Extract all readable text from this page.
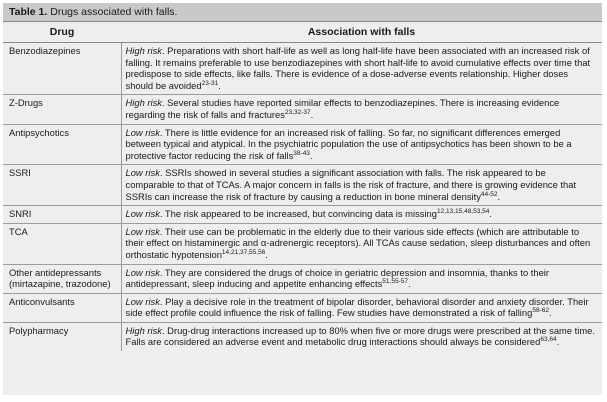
Table 1. Drugs associated with falls.
Drug	Association with falls
Benzodiazepines	High risk. Preparations with short half-life as well as long half-life have been associated with an increased risk of falling. It remains preferable to use benzodiazepines with short half-life to avoid cumulative effects over time that predispose to side effects, like falls. There is evidence of a dose-adverse events relationship. Higher doses should be avoided$^{23-31}$.
Z-Drugs	High risk. Several studies have reported similar effects to benzodiazepines. There is increasing evidence regarding the risk of falls and fractures$^{23,32-37}$.
Antipsychotics	Low risk. There is little evidence for an increased risk of falling. So far, no significant differences emerged between typical and atypical. In the psychiatric population the use of antipsychotics has been shown to be a protective factor reducing the risk of falls$^{38-43}$.
SSRI	Low risk. SSRIs showed in several studies a significant association with falls. The risk appeared to be comparable to that of TCAs. A major concern in falls is the risk of fracture, and there is growing evidence that SSRIs can increase the risk of fracture by causing a reduction in bone mineral density$^{44-52}$.
SNRI	Low risk. The risk appeared to be increased, but convincing data is missing$^{12,13,15,48,53,54}$.
TCA	Low risk. Their use can be problematic in the elderly due to their various side effects (which are attributable to their effect on histaminergic and α-adrenergic receptors). All TCAs cause sedation, sleep disturbances and often orthostatic hypotension$^{14,21,37,55,56}$.
Other antidepressants (mirtazapine, trazodone)	Low risk. They are considered the drugs of choice in geriatric depression and insomnia, thanks to their antidepressant, sleep inducing and appetite enhancing effects$^{51,55-57}$.
Anticonvulsants	Low risk. Play a decisive role in the treatment of bipolar disorder, behavioral disorder and anxiety disorder. Their side effect profile could influence the risk of falling. Few studies have demonstrated a risk of falling$^{58-62}$.
Polypharmacy	High risk. Drug-drug interactions increased up to 80% when five or more drugs were prescribed at the same time. Falls are considered an adverse event and metabolic drug interactions should always be considered$^{63,64}$.
